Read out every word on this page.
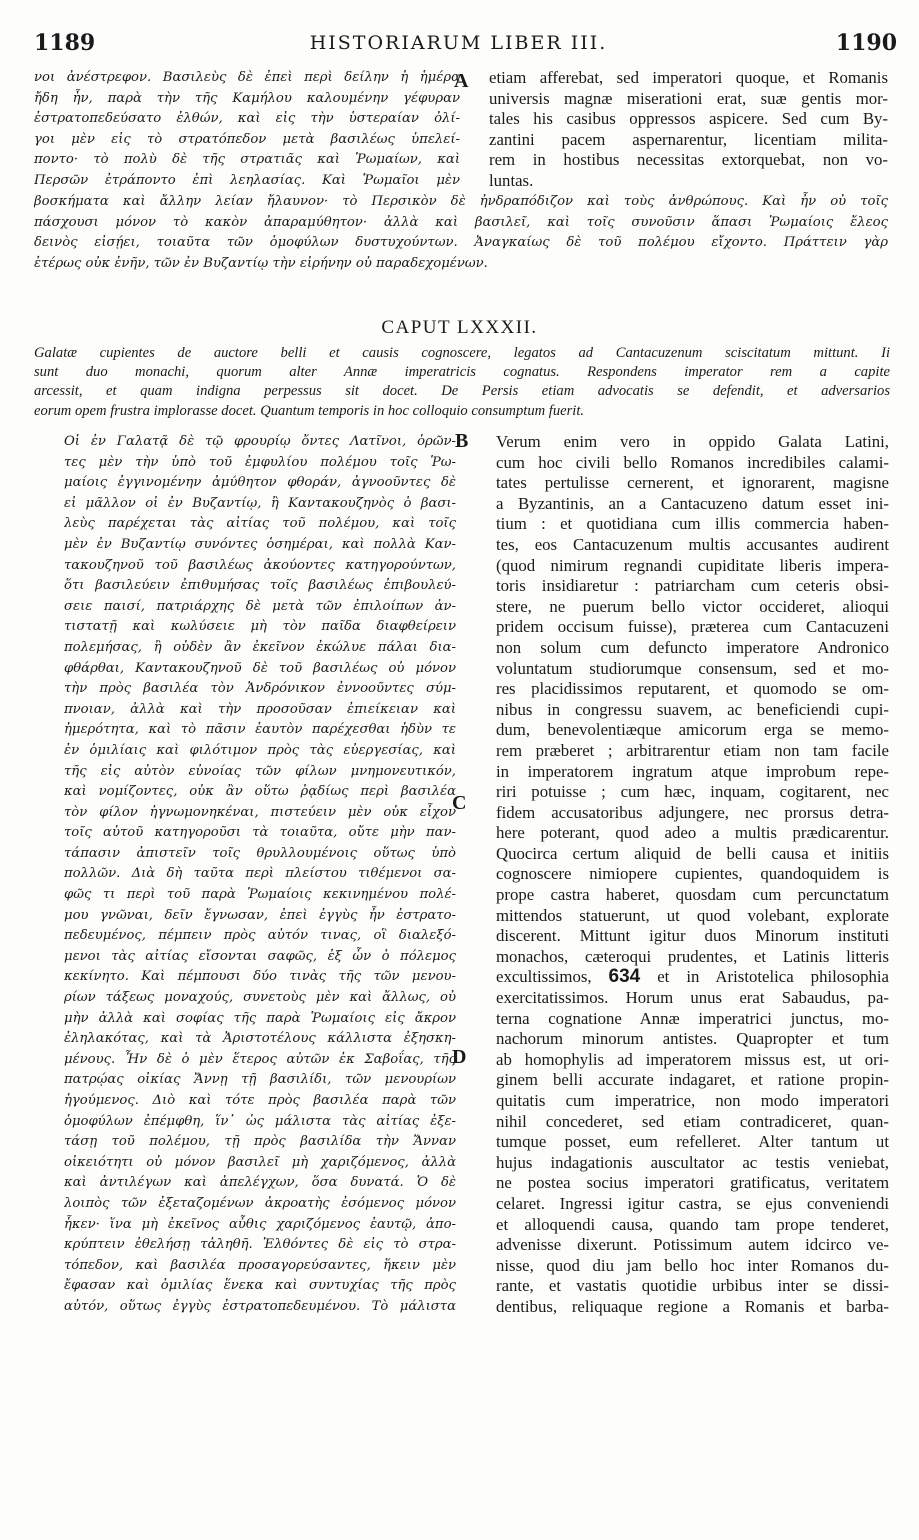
1189	HISTORIARUM LIBER III.	1190
νοι ἀνέστρεφον. Βασιλεὺς δὲ ἐπεὶ περὶ δείλην ἡ ἡμέρα
ἤδη ἦν, παρὰ τὴν τῆς Καμήλου καλουμένην γέφυραν
ἐστρατοπεδεύσατο ἐλθών, καὶ εἰς τὴν ὑστεραίαν ὀλί-
γοι μὲν εἰς τὸ στρατόπεδον μετὰ βασιλέως ὑπελεί-
ποντο· τὸ πολὺ δὲ τῆς στρατιᾶς καὶ Ῥωμαίων, καὶ
Περσῶν ἐτράποντο ἐπὶ λεηλασίας. Καὶ Ῥωμαῖοι μὲν
etiam afferebat, sed imperatori quoque, et Romanis
universis magnæ miserationi erat, suæ gentis mor-
tales his casibus oppressos aspicere. Sed cum By-
zantini pacem aspernarentur, licentiam milita-
rem in hostibus necessitas extorquebat, non vo-
luntas.
βοσκήματα καὶ ἄλλην λείαν ἤλαυνον· τὸ Περσικὸν δὲ ἠνδραπόδιζον καὶ τοὺς ἀνθρώπους. Καὶ ἦν οὐ τοῖς
πάσχουσι μόνον τὸ κακὸν ἀπαραμύθητον· ἀλλὰ καὶ βασιλεῖ, καὶ τοῖς συνοῦσιν ἅπασι Ῥωμαίοις ἔλεος
δεινὸς εἰσῄει, τοιαῦτα τῶν ὁμοφύλων δυστυχούντων. Ἀναγκαίως δὲ τοῦ πολέμου εἴχοντο. Πράττειν γὰρ
ἑτέρως οὐκ ἐνῆν, τῶν ἐν Βυζαντίῳ τὴν εἰρήνην οὐ παραδεχομένων.
A
CAPUT LXXXII.
Galatæ cupientes de auctore belli et causis cognoscere, legatos ad Cantacuzenum sciscitatum mittunt. Ii
sunt duo monachi, quorum alter Annæ imperatricis cognatus. Respondens imperator rem a capite
arcessit, et quam indigna perpessus sit docet. De Persis etiam advocatis se defendit, et adversarios
eorum opem frustra implorasse docet. Quantum temporis in hoc colloquio consumptum fuerit.
Οἱ ἐν Γαλατᾷ δὲ τῷ φρουρίῳ ὄντες Λατῖνοι, ὁρῶν-
τες μὲν τὴν ὑπὸ τοῦ ἐμφυλίου πολέμου τοῖς Ῥω-
μαίοις ἐγγινομένην ἀμύθητον φθοράν, ἀγνοοῦντες δὲ
εἰ μᾶλλον οἱ ἐν Βυζαντίῳ, ἢ Καντακουζηνὸς ὁ βασι-
λεὺς παρέχεται τὰς αἰτίας τοῦ πολέμου, καὶ τοῖς
μὲν ἐν Βυζαντίῳ συνόντες ὁσημέραι, καὶ πολλὰ Καν-
τακουζηνοῦ τοῦ βασιλέως ἀκούοντες κατηγορούντων,
ὅτι βασιλεύειν ἐπιθυμήσας τοῖς βασιλέως ἐπιβουλεύ-
σειε παισί, πατριάρχης δὲ μετὰ τῶν ἐπιλοίπων ἀν-
τιστατῇ καὶ κωλύσειε μὴ τὸν παῖδα διαφθείρειν
πολεμήσας, ἢ οὐδὲν ἂν ἐκεῖνον ἐκώλυε πάλαι δια-
φθάρθαι, Καντακουζηνοῦ δὲ τοῦ βασιλέως οὐ μόνον
τὴν πρὸς βασιλέα τὸν Ἀνδρόνικον ἐννοοῦντες σύμ-
πνοιαν, ἀλλὰ καὶ τὴν προσοῦσαν ἐπιείκειαν καὶ
ἡμερότητα, καὶ τὸ πᾶσιν ἑαυτὸν παρέχεσθαι ἡδὺν τε
ἐν ὁμιλίαις καὶ φιλότιμον πρὸς τὰς εὐεργεσίας, καὶ
τῆς εἰς αὐτὸν εὐνοίας τῶν φίλων μνημονευτικόν,
καὶ νομίζοντες, οὐκ ἂν οὕτω ῥᾳδίως περὶ βασιλέα
τὸν φίλον ἠγνωμονηκέναι, πιστεύειν μὲν οὐκ εἶχον
τοῖς αὐτοῦ κατηγοροῦσι τὰ τοιαῦτα, οὔτε μὴν παν-
τάπασιν ἀπιστεῖν τοῖς θρυλλουμένοις οὕτως ὑπὸ
πολλῶν. Διὰ δὴ ταῦτα περὶ πλείστου τιθέμενοι σα-
φῶς τι περὶ τοῦ παρὰ Ῥωμαίοις κεκινημένου πολέ-
μου γνῶναι, δεῖν ἔγνωσαν, ἐπεὶ ἐγγὺς ἦν ἐστρατο-
πεδευμένος, πέμπειν πρὸς αὐτόν τινας, οἳ διαλεξό-
μενοι τὰς αἰτίας εἴσονται σαφῶς, ἐξ ὧν ὁ πόλεμος
κεκίνητο. Καὶ πέμπουσι δύο τινὰς τῆς τῶν μενου-
ρίων τάξεως μοναχούς, συνετοὺς μὲν καὶ ἄλλως, οὐ
μὴν ἀλλὰ καὶ σοφίας τῆς παρὰ Ῥωμαίοις εἰς ἄκρον
ἐληλακότας, καὶ τὰ Ἀριστοτέλους κάλλιστα ἐξησκη-
μένους. Ἦν δὲ ὁ μὲν ἕτερος αὐτῶν ἐκ Σαβοΐας, τῆς
πατρῴας οἰκίας Ἄννῃ τῇ βασιλίδι, τῶν μενουρίων
ἡγούμενος. Διὸ καὶ τότε πρὸς βασιλέα παρὰ τῶν
ὁμοφύλων ἐπέμφθη, ἵν᾽ ὡς μάλιστα τὰς αἰτίας ἐξε-
τάσῃ τοῦ πολέμου, τῇ πρὸς βασιλίδα τὴν Ἄνναν
οἰκειότητι οὐ μόνον βασιλεῖ μὴ χαριζόμενος, ἀλλὰ
καὶ ἀντιλέγων καὶ ἀπελέγχων, ὅσα δυνατά. Ὁ δὲ
λοιπὸς τῶν ἐξεταζομένων ἀκροατὴς ἐσόμενος μόνον
ἧκεν· ἵνα μὴ ἐκεῖνος αὖθις χαριζόμενος ἑαυτῷ, ἀπο-
κρύπτειν ἐθελήσῃ τἀληθῆ. Ἐλθόντες δὲ εἰς τὸ στρα-
τόπεδον, καὶ βασιλέα προσαγορεύσαντες, ἥκειν μὲν
ἔφασαν καὶ ὁμιλίας ἕνεκα καὶ συντυχίας τῆς πρὸς
αὐτόν, οὕτως ἐγγὺς ἐστρατοπεδευμένου. Τὸ μάλιστα
Verum enim vero in oppido Galata Latini,
cum hoc civili bello Romanos incredibiles calami-
tates pertulisse cernerent, et ignorarent, magisne
a Byzantinis, an a Cantacuzeno datum esset ini-
tium : et quotidiana cum illis commercia haben-
tes, eos Cantacuzenum multis accusantes audirent
(quod nimirum regnandi cupiditate liberis impera-
toris insidiaretur : patriarcham cum ceteris obsi-
stere, ne puerum bello victor occideret, alioqui
pridem occisum fuisse), præterea cum Cantacuzeni
non solum cum defuncto imperatore Andronico
voluntatum studiorumque consensum, sed et mo-
res placidissimos reputarent, et quomodo se om-
nibus in congressu suavem, ac beneficiendi cupi-
dum, benevolentiæque amicorum erga se memo-
rem præberet ; arbitrarentur etiam non tam facile
in imperatorem ingratum atque improbum repe-
riri potuisse ; cum hæc, inquam, cogitarent, nec
fidem accusatoribus adjungere, nec prorsus detra-
here poterant, quod adeo a multis prædicarentur.
Quocirca certum aliquid de belli causa et initiis
cognoscere nimiopere cupientes, quandoquidem is
prope castra haberet, quosdam cum percunctatum
mittendos statuerunt, ut quod volebant, explorate
discerent. Mittunt igitur duos Minorum instituti
monachos, cæteroqui prudentes, et Latinis litteris
excultissimos, 634 et in Aristotelica philosophia
exercitatissimos. Horum unus erat Sabaudus, pa-
terna cognatione Annæ imperatrici junctus, mo-
nachorum minorum antistes. Quapropter et tum
ab homophylis ad imperatorem missus est, ut ori-
ginem belli accurate indagaret, et ratione propin-
quitatis cum imperatrice, non modo imperatori
nihil concederet, sed etiam contradiceret, quan-
tumque posset, eum refelleret. Alter tantum ut
hujus indagationis auscultator ac testis veniebat,
ne postea socius imperatori gratificatus, veritatem
celaret. Ingressi igitur castra, se ejus conveniendi
et alloquendi causa, quando tam prope tenderet,
advenisse dixerunt. Potissimum autem idcirco ve-
nisse, quod diu jam bello hoc inter Romanos du-
rante, et vastatis quotidie urbibus inter se dissi-
dentibus, reliquaque regione a Romanis et barba-
B
C
D
